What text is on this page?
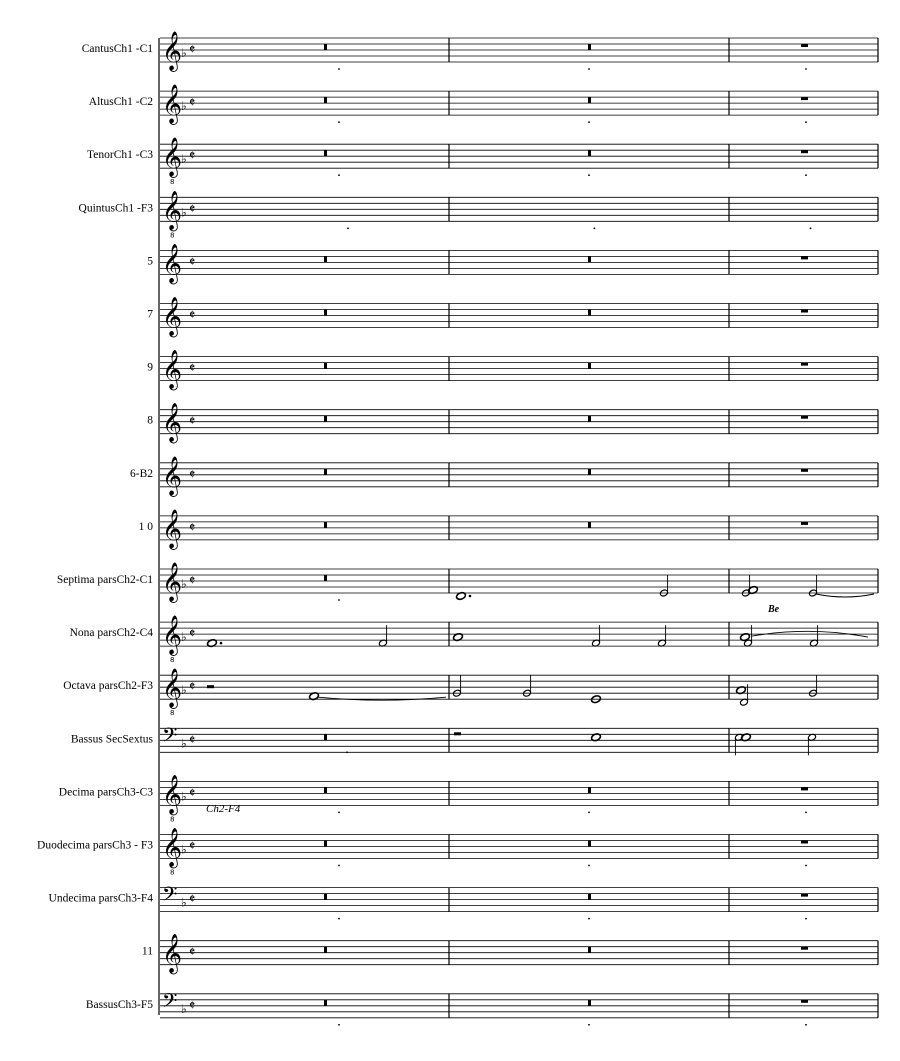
CantusCh1 -C1
AltusCh1 -C2
TenorCh1 -C3
QuintusCh1 -F3
5
7
9
8
6-B2
1 0
Septima parsCh2-C1
Nona parsCh2-C4
Octava parsCh2-F3
Bassus SecSextus
Decima parsCh3-C3
Duodecima parsCh3 - F3
Undecima parsCh3-F4
11
BassusCh3-F5
𝄞
♭ 𝄵
𝄞
♭ 𝄵
𝄞
8
♭ 𝄵
𝄞
8
♭ 𝄵
𝄞 𝄵
𝄞 𝄵
𝄞 𝄵
𝄞 𝄵
𝄞 𝄵
𝄞 𝄵
𝄞
♭ 𝄵
𝄞
8
♭ 𝄵
𝄞
8
♭ 𝄵
𝄢 ♭ 𝄵
𝄞
8
♭ 𝄵
𝄞
8
♭ 𝄵
𝄢 ♭ 𝄵
𝄞 𝄵
𝄢 ♭ 𝄵
Ch2-F4
Be
